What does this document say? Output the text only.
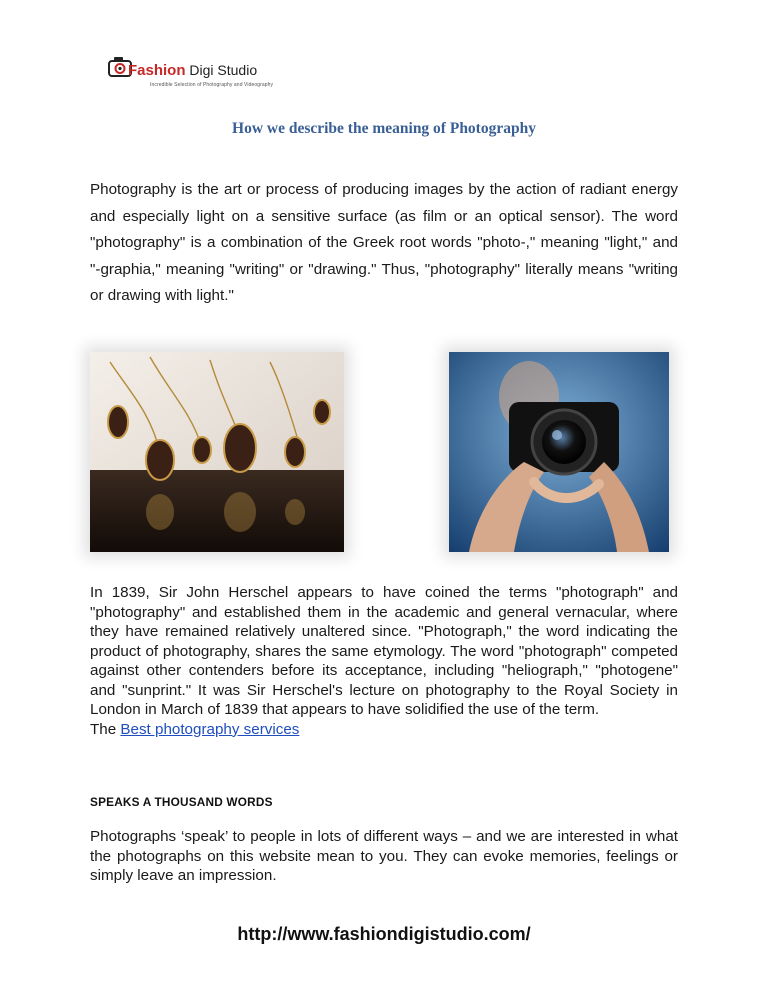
Fashion Digi Studio
Incredible Selection of Photography and Videography
How we describe the meaning of Photography

Photography is the art or process of producing images by the action of radiant energy and especially light on a sensitive surface (as film or an optical sensor). The word "photography" is a combination of the Greek root words "photo-," meaning "light," and "-graphia," meaning "writing" or "drawing." Thus, "photography" literally means "writing or drawing with light."

In 1839, Sir John Herschel appears to have coined the terms "photograph" and "photography" and established them in the academic and general vernacular, where they have remained relatively unaltered since. "Photograph," the word indicating the product of photography, shares the same etymology. The word "photograph" competed against other contenders before its acceptance, including "heliograph," "photogene" and "sunprint." It was Sir Herschel's lecture on photography to the Royal Society in London in March of 1839 that appears to have solidified the use of the term.
The Best photography services

SPEAKS A THOUSAND WORDS

Photographs ‘speak’ to people in lots of different ways – and we are interested in what the photographs on this website mean to you. They can evoke memories, feelings or simply leave an impression.

http://www.fashiondigistudio.com/
